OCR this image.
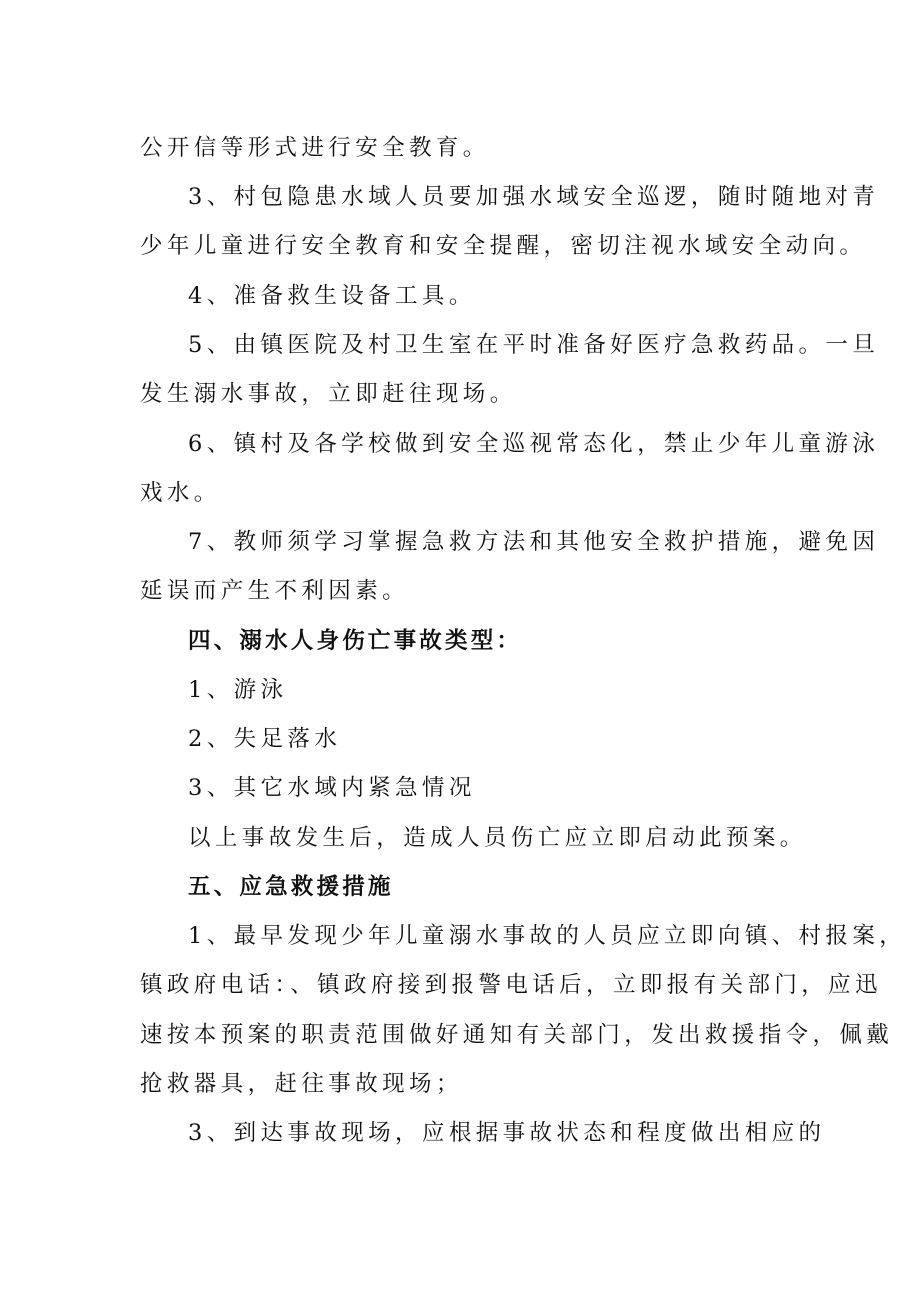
公开信等形式进行安全教育。
3、村包隐患水域人员要加强水域安全巡逻，随时随地对青
少年儿童进行安全教育和安全提醒，密切注视水域安全动向。
4、准备救生设备工具。
5、由镇医院及村卫生室在平时准备好医疗急救药品。一旦
发生溺水事故，立即赶往现场。
6、镇村及各学校做到安全巡视常态化，禁止少年儿童游泳
戏水。
7、教师须学习掌握急救方法和其他安全救护措施，避免因
延误而产生不利因素。
四、溺水人身伤亡事故类型：
1、游泳
2、失足落水
3、其它水域内紧急情况
以上事故发生后，造成人员伤亡应立即启动此预案。
五、应急救援措施
1、最早发现少年儿童溺水事故的人员应立即向镇、村报案，
镇政府电话：、镇政府接到报警电话后，立即报有关部门，应迅
速按本预案的职责范围做好通知有关部门，发出救援指令，佩戴
抢救器具，赶往事故现场；
3、到达事故现场，应根据事故状态和程度做出相应的
